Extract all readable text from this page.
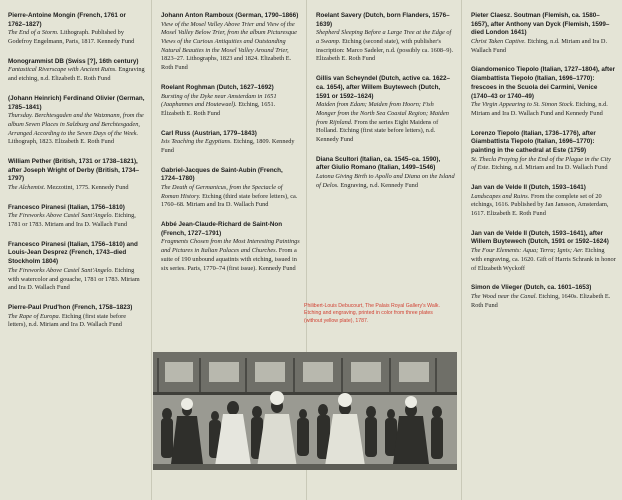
Pierre-Antoine Mongin (French, 1761 or 1762–1827)
The End of a Storm. Lithograph. Published by Godefroy Engelmann, Paris, 1817. Kennedy Fund
Monogrammist DB (Swiss [?], 16th century)
Fantastical Riverscape with Ancient Ruins. Engraving and etching, n.d. Elizabeth E. Roth Fund
(Johann Heinrich) Ferdinand Olivier (German, 1785–1841)
Thursday. Berchtesgaden and the Watzmann, from the album Seven Places in Salzburg and Berchtesgaden, Arranged According to the Seven Days of the Week. Lithograph, 1823. Elizabeth E. Roth Fund
William Pether (British, 1731 or 1738–1821), after Joseph Wright of Derby (British, 1734–1797)
The Alchemist. Mezzotint, 1775. Kennedy Fund
Francesco Piranesi (Italian, 1756–1810)
The Fireworks Above Castel Sant'Angelo. Etching, 1781 or 1783. Miriam and Ira D. Wallach Fund
Francesco Piranesi (Italian, 1756–1810) and Louis-Jean Desprez (French, 1743–died Stockholm 1804)
The Fireworks Above Castel Sant'Angelo. Etching with watercolor and gouache, 1781 or 1783. Miriam and Ira D. Wallach Fund
Pierre-Paul Prud'hon (French, 1758–1823)
The Rape of Europa. Etching (first state before letters), n.d. Miriam and Ira D. Wallach Fund
Johann Anton Ramboux (German, 1790–1866)
View of the Mosel Valley Above Trier and View of the Mosel Valley Below Trier, from the album Picturesque Views of the Curious Antiquities and Outstanding Natural Beauties in the Mosel Valley Around Trier, 1823–27. Lithographs, 1823 and 1824. Elizabeth E. Roth Fund
Roelant Roghman (Dutch, 1627–1692)
Bursting of the Dyke near Amsterdam in 1651 (Jaaphannes and Houtewael). Etching, 1651. Elizabeth E. Roth Fund
Carl Russ (Austrian, 1779–1843)
Isis Teaching the Egyptians. Etching, 1809. Kennedy Fund
Gabriel-Jacques de Saint-Aubin (French, 1724–1780)
The Death of Germanicus, from the Spectacle of Roman History. Etching (third state before letters), ca. 1760–68. Miriam and Ira D. Wallach Fund
Abbé Jean-Claude-Richard de Saint-Non (French, 1727–1791)
Fragments Chosen from the Most Interesting Paintings and Pictures in Italian Palaces and Churches. From a suite of 190 unbound aquatints with etching, issued in six series. Paris, 1770–74 (first issue). Kennedy Fund
Roelant Savery (Dutch, born Flanders, 1576–1639)
Shepherd Sleeping Before a Large Tree at the Edge of a Swamp. Etching (second state), with publisher's inscription: Marco Sadeler, n.d. (possibly ca. 1608–9). Elizabeth E. Roth Fund
Gillis van Scheyndel (Dutch, active ca. 1622–ca. 1654), after Willem Buytewech (Dutch, 1591 or 1592–1624)
Maiden from Edam; Maiden from Hoorn; Fish Monger from the North Sea Coastal Region; Maiden from Rijnland. From the series Eight Maidens of Holland. Etching (first state before letters), n.d. Kennedy Fund
Diana Scultori (Italian, ca. 1545–ca. 1590), after Giulio Romano (Italian, 1499–1546)
Latona Giving Birth to Apollo and Diana on the Island of Delos. Engraving, n.d. Kennedy Fund
Pieter Claesz. Soutman (Flemish, ca. 1580–1657), after Anthony van Dyck (Flemish, 1599–died London 1641)
Christ Taken Captive. Etching, n.d. Miriam and Ira D. Wallach Fund
Giandomenico Tiepolo (Italian, 1727–1804), after Giambattista Tiepolo (Italian, 1696–1770): frescoes in the Scuola dei Carmini, Venice (1740–43 or 1740–49)
The Virgin Appearing to St. Simon Stock. Etching, n.d. Miriam and Ira D. Wallach Fund and Kennedy Fund
Lorenzo Tiepolo (Italian, 1736–1776), after Giambattista Tiepolo (Italian, 1696–1770): painting in the cathedral at Este (1759)
St. Thecla Praying for the End of the Plague in the City of Este. Etching, n.d. Miriam and Ira D. Wallach Fund
Jan van de Velde II (Dutch, 1593–1641)
Landscapes and Ruins. From the complete set of 20 etchings, 1616. Published by Jan Jansson, Amsterdam, 1617. Elizabeth E. Roth Fund
Jan van de Velde II (Dutch, 1593–1641), after Willem Buytewech (Dutch, 1591 or 1592–1624)
The Four Elements: Aqua; Terra; Ignis; Aer. Etching with engraving, ca. 1620. Gift of Harris Schrank in honor of Elizabeth Wyckoff
Simon de Vlieger (Dutch, ca. 1601–1653)
The Wood near the Canal. Etching, 1640s. Elizabeth E. Roth Fund
Philibert-Louis Debucourt, The Palais Royal Gallery's Walk. Etching and engraving, printed in color from three plates (without yellow plate), 1787.
